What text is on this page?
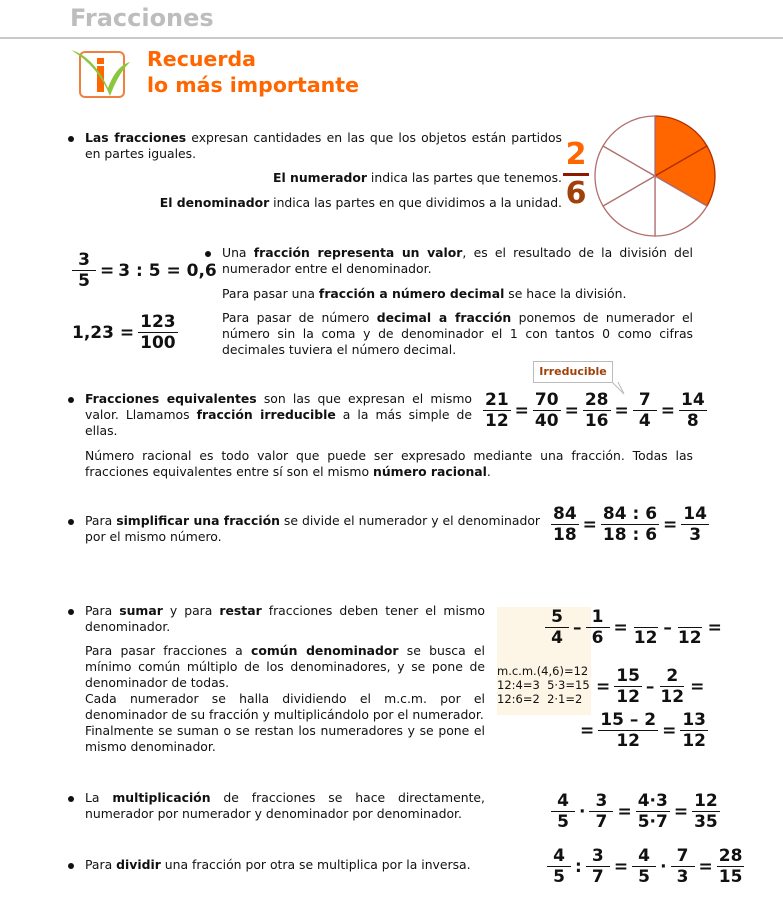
Fracciones
Recuerda
lo más importante
Las fracciones expresan cantidades en las que los objetos están partidos en partes iguales.
El numerador indica las partes que tenemos.
El denominador indica las partes en que dividimos a la unidad.
2
6
$\frac{3}{5} = 3$ : 5 = 0,6
$1,23 = \frac{123}{100}$
Una fracción representa un valor, es el resultado de la división del numerador entre el denominador.
Para pasar una fracción a número decimal se hace la división.
Para pasar de número decimal a fracción ponemos de numerador el número sin la coma y de denominador el 1 con tantos 0 como cifras decimales tuviera el número decimal.
Fracciones equivalentes son las que expresan el mismo valor. Llamamos fracción irreducible a la más simple de ellas.
Irreducible
$\frac{21}{12} = \frac{70}{40} = \frac{28}{16} = \frac{7}{4} = \frac{14}{8}$
Número racional es todo valor que puede ser expresado mediante una fracción. Todas las fracciones equivalentes entre sí son el mismo número racional.
Para simplificar una fracción se divide el numerador y el denominador por el mismo número.	$\frac{84}{18} = \frac{84 : 6}{18 : 6} = \frac{14}{3}$
Para sumar y para restar fracciones deben tener el mismo denominador.
Para pasar fracciones a común denominador se busca el mínimo común múltiplo de los denominadores, y se pone de denominador de todas.
Cada numerador se halla dividiendo el m.c.m. por el denominador de su fracción y multiplicándolo por el numerador.
Finalmente se suman o se restan los numeradores y se pone el mismo denominador.
m.c.m.(4,6)=12
12:4=3  5·3=15
12:6=2  2·1=2
$\frac{5}{4} - \frac{1}{6}$ =
12
–
12
=
= $\frac{15}{12} - \frac{2}{12}$ =
= $\frac{15 - 2}{12} = \frac{13}{12}$
La multiplicación de fracciones se hace directamente, numerador por numerador y denominador por denominador.	$\frac{4}{5} \cdot \frac{3}{7} = \frac{4\cdot 3}{5\cdot 7} = \frac{12}{35}$
Para dividir una fracción por otra se multiplica por la inversa.	$\frac{4}{5}$ : $\frac{3}{7} = \frac{4}{5} \cdot \frac{7}{3} = \frac{28}{15}$
